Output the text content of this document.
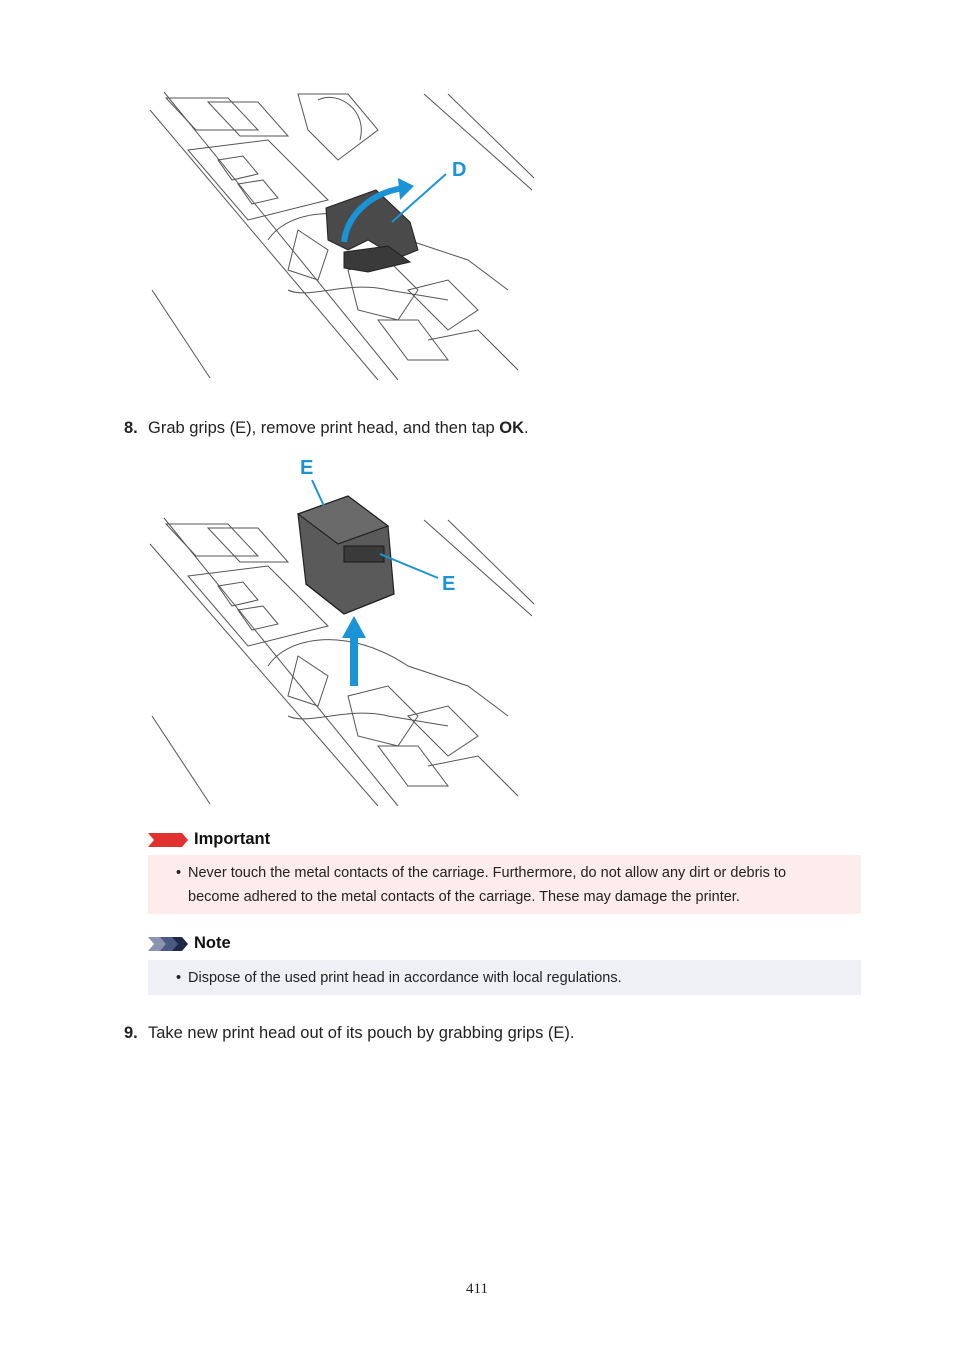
D
8. Grab grips (E), remove print head, and then tap OK.
E
E
Important
• Never touch the metal contacts of the carriage. Furthermore, do not allow any dirt or debris to
become adhered to the metal contacts of the carriage. These may damage the printer.
Note
• Dispose of the used print head in accordance with local regulations.
9. Take new print head out of its pouch by grabbing grips (E).
411
